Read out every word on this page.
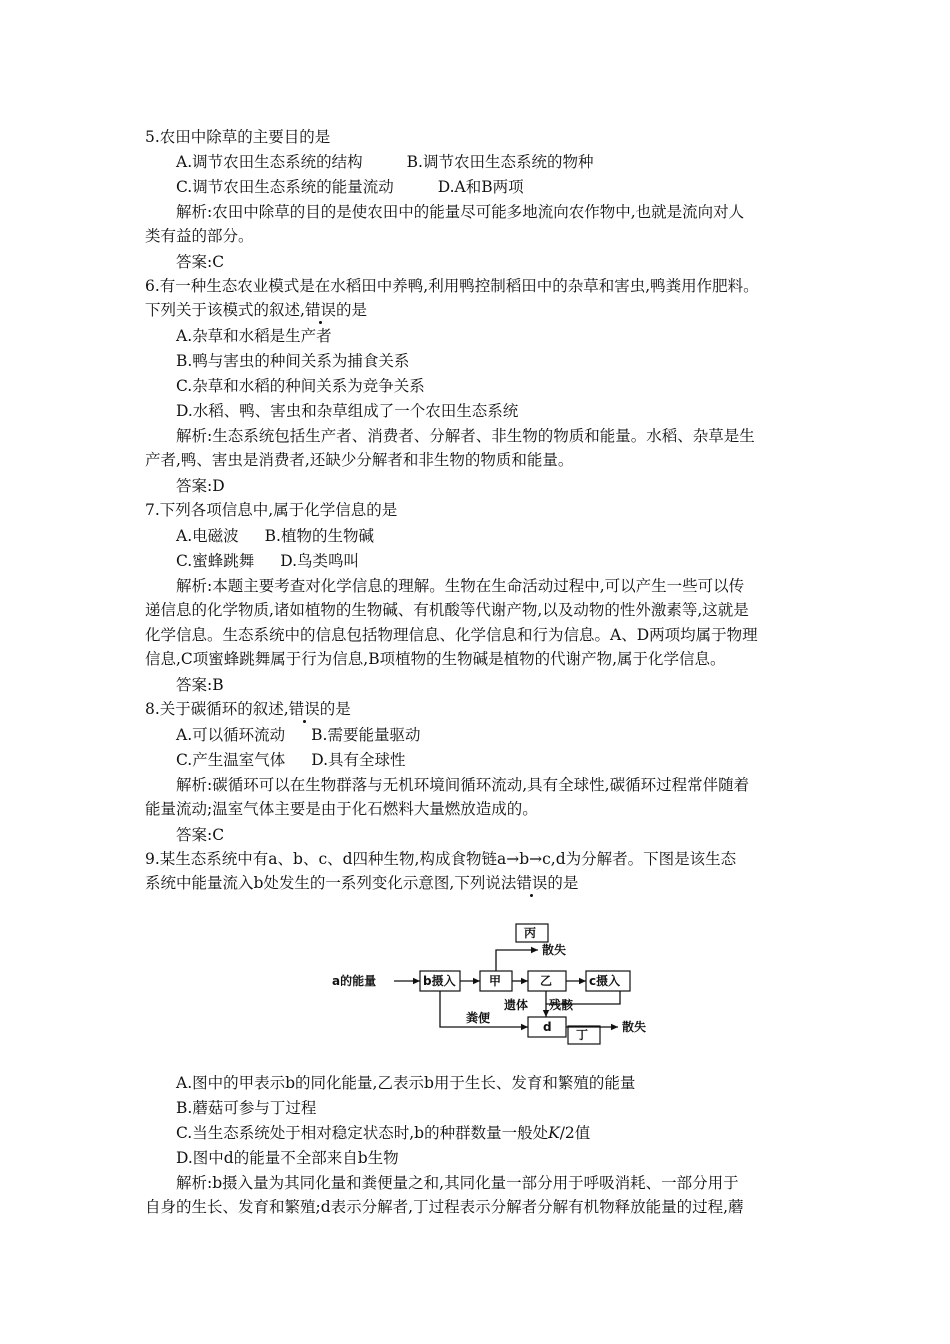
5.农田中除草的主要目的是
A.调节农田生态系统的结构	B.调节农田生态系统的物种
C.调节农田生态系统的能量流动	D.A和B两项
解析:农田中除草的目的是使农田中的能量尽可能多地流向农作物中,也就是流向对人
类有益的部分。
答案:C
6.有一种生态农业模式是在水稻田中养鸭,利用鸭控制稻田中的杂草和害虫,鸭粪用作肥料。
下列关于该模式的叙述,错误的是
A.杂草和水稻是生产者
B.鸭与害虫的种间关系为捕食关系
C.杂草和水稻的种间关系为竞争关系
D.水稻、鸭、害虫和杂草组成了一个农田生态系统
解析:生态系统包括生产者、消费者、分解者、非生物的物质和能量。水稻、杂草是生
产者,鸭、害虫是消费者,还缺少分解者和非生物的物质和能量。
答案:D
7.下列各项信息中,属于化学信息的是
A.电磁波 B.植物的生物碱
C.蜜蜂跳舞 D.鸟类鸣叫
解析:本题主要考查对化学信息的理解。生物在生命活动过程中,可以产生一些可以传
递信息的化学物质,诸如植物的生物碱、有机酸等代谢产物,以及动物的性外激素等,这就是
化学信息。生态系统中的信息包括物理信息、化学信息和行为信息。A、D两项均属于物理
信息,C项蜜蜂跳舞属于行为信息,B项植物的生物碱是植物的代谢产物,属于化学信息。
答案:B
8.关于碳循环的叙述,错误的是
A.可以循环流动 B.需要能量驱动
C.产生温室气体 D.具有全球性
解析:碳循环可以在生物群落与无机环境间循环流动,具有全球性,碳循环过程常伴随着
能量流动;温室气体主要是由于化石燃料大量燃放造成的。
答案:C
9.某生态系统中有a、b、c、d四种生物,构成食物链a→b→c,d为分解者。下图是该生态
系统中能量流入b处发生的一系列变化示意图,下列说法错误的是
a的能量	b摄入	甲	乙	c摄入
丙
散失
遗体 残骸
粪便
d
丁
散失
A.图中的甲表示b的同化能量,乙表示b用于生长、发育和繁殖的能量
B.蘑菇可参与丁过程
C.当生态系统处于相对稳定状态时,b的种群数量一般处K/2值
D.图中d的能量不全部来自b生物
解析:b摄入量为其同化量和粪便量之和,其同化量一部分用于呼吸消耗、一部分用于
自身的生长、发育和繁殖;d表示分解者,丁过程表示分解者分解有机物释放能量的过程,蘑
